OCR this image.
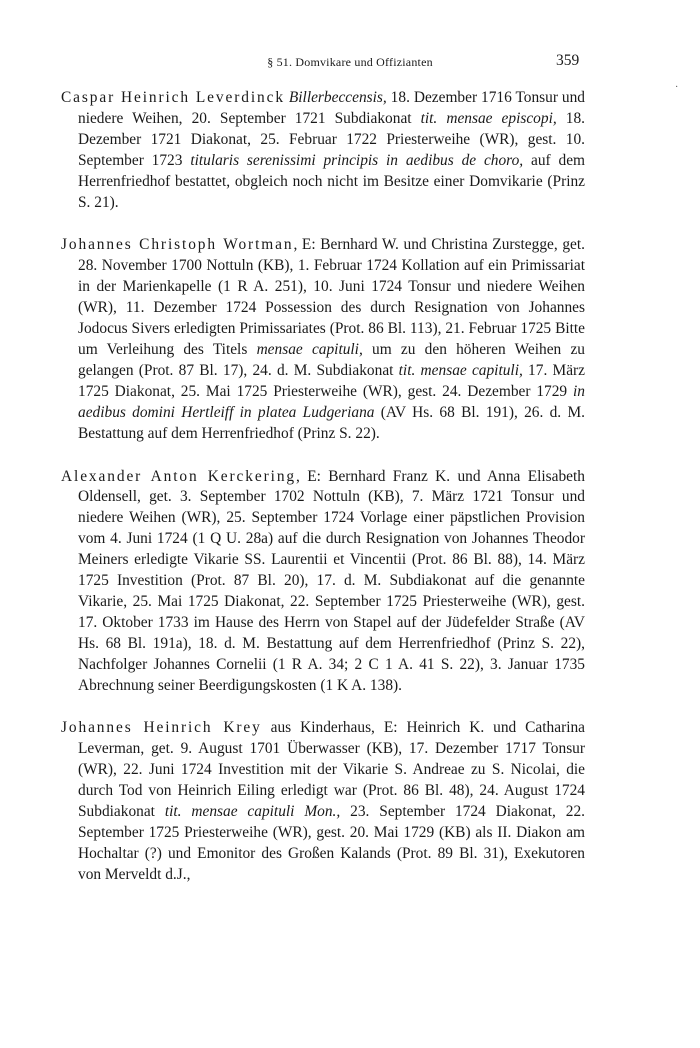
§ 51. Domvikare und Offizianten	359
·

Caspar Heinrich Leverdinck Billerbeccensis, 18. Dezember 1716 Tonsur und niedere Weihen, 20. September 1721 Subdiakonat tit. mensae episcopi, 18. Dezember 1721 Diakonat, 25. Februar 1722 Priesterweihe (WR), gest. 10. September 1723 titularis serenissimi principis in aedibus de choro, auf dem Herrenfriedhof bestattet, obgleich noch nicht im Besitze einer Domvikarie (Prinz S. 21).

Johannes Christoph Wortman, E: Bernhard W. und Christina Zurstegge, get. 28. November 1700 Nottuln (KB), 1. Februar 1724 Kollation auf ein Primissariat in der Marienkapelle (1 R A. 251), 10. Juni 1724 Tonsur und niedere Weihen (WR), 11. Dezember 1724 Possession des durch Resignation von Johannes Jodocus Sivers erledigten Primissariates (Prot. 86 Bl. 113), 21. Februar 1725 Bitte um Verleihung des Titels mensae capituli, um zu den höheren Weihen zu gelangen (Prot. 87 Bl. 17), 24. d. M. Subdiakonat tit. mensae capituli, 17. März 1725 Diakonat, 25. Mai 1725 Priesterweihe (WR), gest. 24. Dezember 1729 in aedibus domini Hertleiff in platea Ludgeriana (AV Hs. 68 Bl. 191), 26. d. M. Bestattung auf dem Herrenfriedhof (Prinz S. 22).

Alexander Anton Kerckering, E: Bernhard Franz K. und Anna Elisabeth Oldensell, get. 3. September 1702 Nottuln (KB), 7. März 1721 Tonsur und niedere Weihen (WR), 25. September 1724 Vorlage einer päpstlichen Provision vom 4. Juni 1724 (1 Q U. 28a) auf die durch Resignation von Johannes Theodor Meiners erledigte Vikarie SS. Laurentii et Vincentii (Prot. 86 Bl. 88), 14. März 1725 Investition (Prot. 87 Bl. 20), 17. d. M. Subdiakonat auf die genannte Vikarie, 25. Mai 1725 Diakonat, 22. September 1725 Priesterweihe (WR), gest. 17. Oktober 1733 im Hause des Herrn von Stapel auf der Jüdefelder Straße (AV Hs. 68 Bl. 191a), 18. d. M. Bestattung auf dem Herrenfriedhof (Prinz S. 22), Nachfolger Johannes Cornelii (1 R A. 34; 2 C 1 A. 41 S. 22), 3. Januar 1735 Abrechnung seiner Beerdigungskosten (1 K A. 138).

Johannes Heinrich Krey aus Kinderhaus, E: Heinrich K. und Catharina Leverman, get. 9. August 1701 Überwasser (KB), 17. Dezember 1717 Tonsur (WR), 22. Juni 1724 Investition mit der Vikarie S. Andreae zu S. Nicolai, die durch Tod von Heinrich Eiling erledigt war (Prot. 86 Bl. 48), 24. August 1724 Subdiakonat tit. mensae capituli Mon., 23. September 1724 Diakonat, 22. September 1725 Priesterweihe (WR), gest. 20. Mai 1729 (KB) als II. Diakon am Hochaltar (?) und Emonitor des Großen Kalands (Prot. 89 Bl. 31), Exekutoren von Merveldt d.J.,
